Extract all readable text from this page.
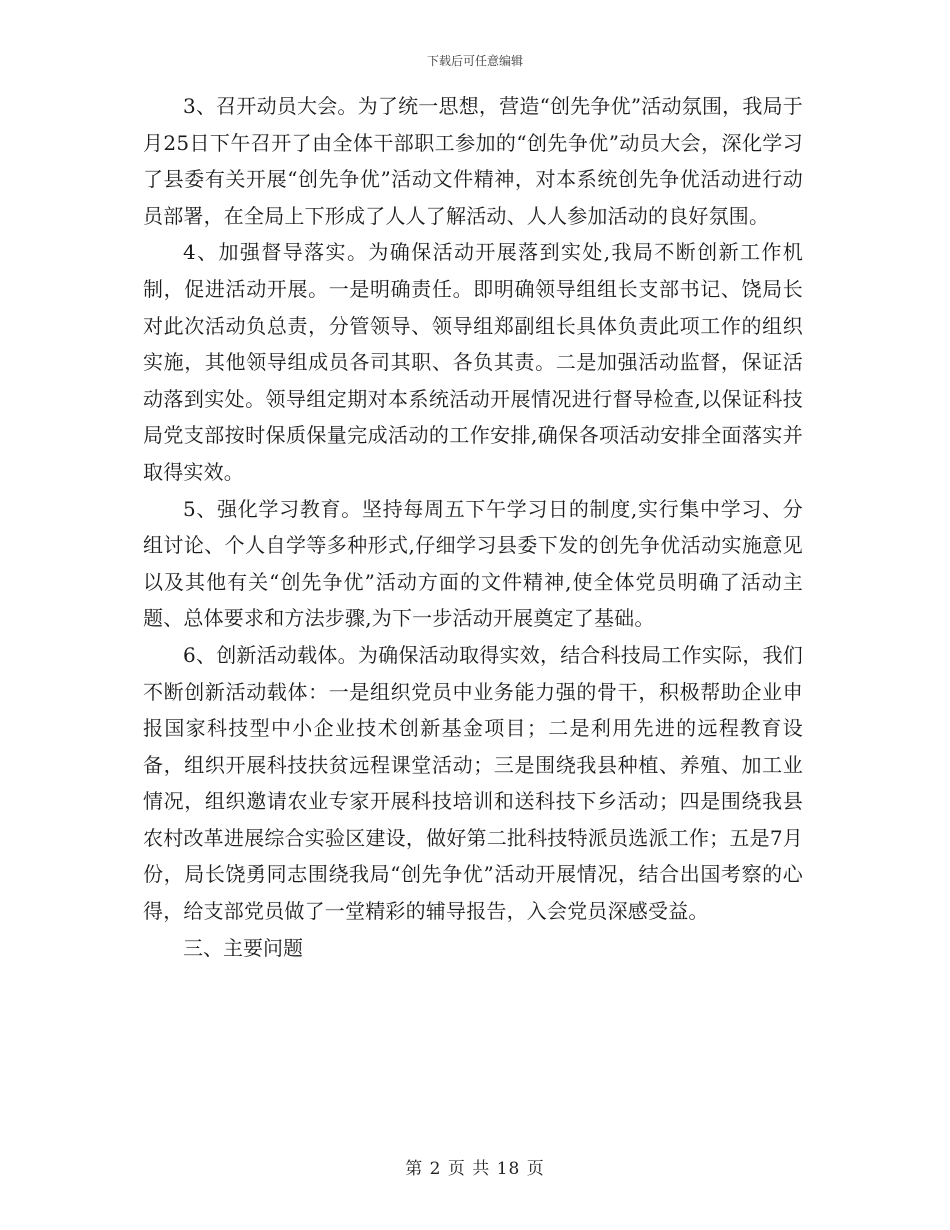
下载后可任意编辑

3、召开动员大会。为了统一思想，营造“创先争优”活动氛围，我局于月25日下午召开了由全体干部职工参加的“创先争优”动员大会，深化学习了县委有关开展“创先争优”活动文件精神，对本系统创先争优活动进行动员部署，在全局上下形成了人人了解活动、人人参加活动的良好氛围。

4、加强督导落实。为确保活动开展落到实处,我局不断创新工作机制，促进活动开展。一是明确责任。即明确领导组组长支部书记、饶局长对此次活动负总责，分管领导、领导组郑副组长具体负责此项工作的组织实施，其他领导组成员各司其职、各负其责。二是加强活动监督，保证活动落到实处。领导组定期对本系统活动开展情况进行督导检查,以保证科技局党支部按时保质保量完成活动的工作安排,确保各项活动安排全面落实并取得实效。

5、强化学习教育。坚持每周五下午学习日的制度,实行集中学习、分组讨论、个人自学等多种形式,仔细学习县委下发的创先争优活动实施意见以及其他有关“创先争优”活动方面的文件精神,使全体党员明确了活动主题、总体要求和方法步骤,为下一步活动开展奠定了基础。

6、创新活动载体。为确保活动取得实效，结合科技局工作实际，我们不断创新活动载体：一是组织党员中业务能力强的骨干，积极帮助企业申报国家科技型中小企业技术创新基金项目；二是利用先进的远程教育设备，组织开展科技扶贫远程课堂活动；三是围绕我县种植、养殖、加工业情况，组织邀请农业专家开展科技培训和送科技下乡活动；四是围绕我县农村改革进展综合实验区建设，做好第二批科技特派员选派工作；五是7月份，局长饶勇同志围绕我局“创先争优”活动开展情况，结合出国考察的心得，给支部党员做了一堂精彩的辅导报告，入会党员深感受益。

三、主要问题

第 2 页 共 18 页
